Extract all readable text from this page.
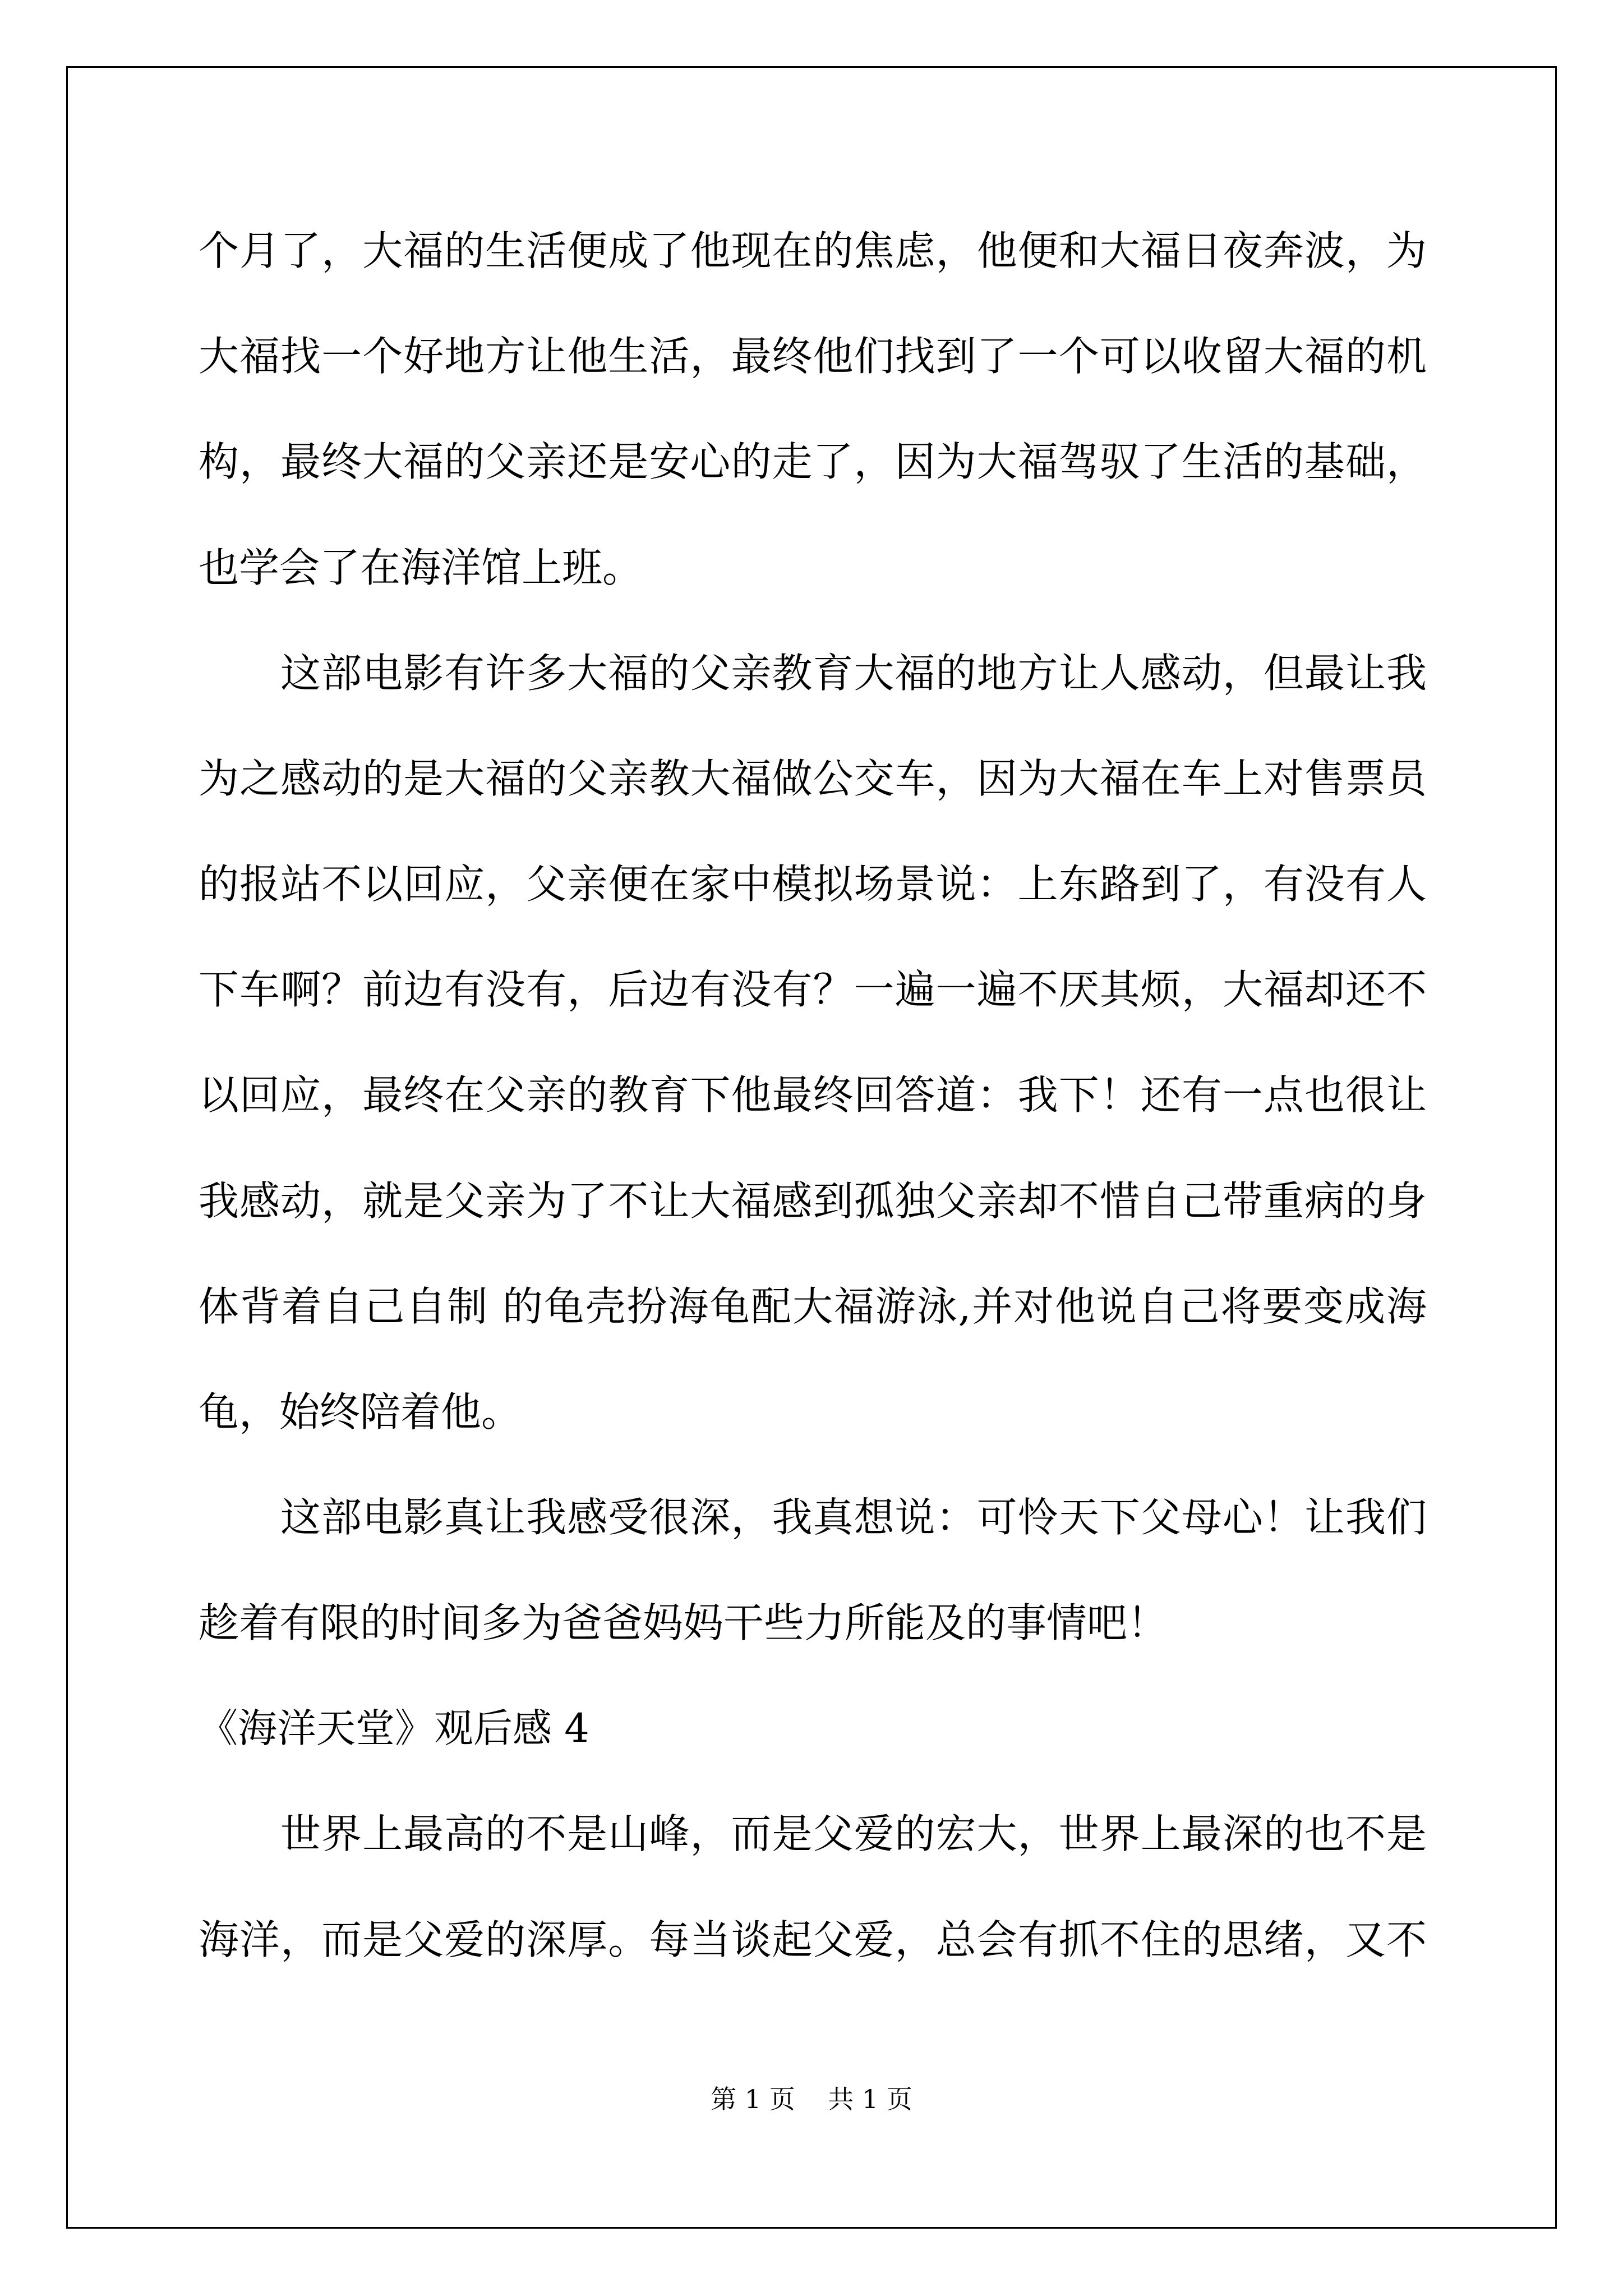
个月了，大福的生活便成了他现在的焦虑，他便和大福日夜奔波，为
大福找一个好地方让他生活，最终他们找到了一个可以收留大福的机
构，最终大福的父亲还是安心的走了，因为大福驾驭了生活的基础，
也学会了在海洋馆上班。
这部电影有许多大福的父亲教育大福的地方让人感动，但最让我
为之感动的是大福的父亲教大福做公交车，因为大福在车上对售票员
的报站不以回应，父亲便在家中模拟场景说：上东路到了，有没有人
下车啊？前边有没有，后边有没有？一遍一遍不厌其烦，大福却还不
以回应，最终在父亲的教育下他最终回答道：我下！还有一点也很让
我感动，就是父亲为了不让大福感到孤独父亲却不惜自己带重病的身
体背着自己自制 的龟壳扮海龟配大福游泳,并对他说自己将要变成海
龟，始终陪着他。
这部电影真让我感受很深，我真想说：可怜天下父母心！让我们
趁着有限的时间多为爸爸妈妈干些力所能及的事情吧！
《海洋天堂》观后感 4
世界上最高的不是山峰，而是父爱的宏大，世界上最深的也不是
海洋，而是父爱的深厚。每当谈起父爱，总会有抓不住的思绪，又不
第 1 页    共 1 页
